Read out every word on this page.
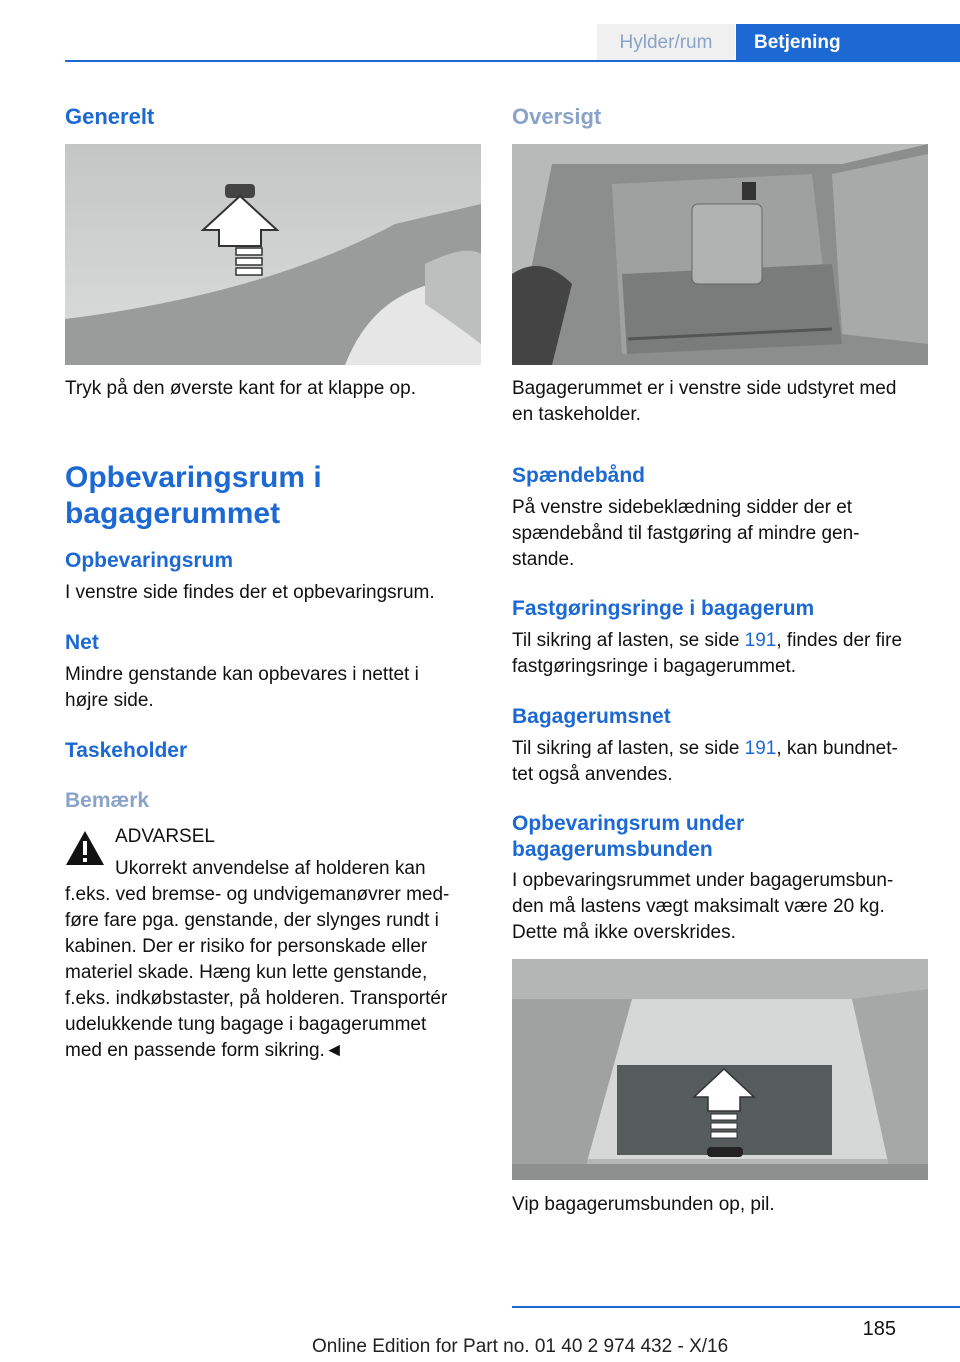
Hylder/rum	Betjening
Generelt

Tryk på den øverste kant for at klappe op.

Opbevaringsrum i
bagagerummet
Opbevaringsrum

I venstre side findes der et opbevaringsrum.

Net

Mindre genstande kan opbevares i nettet i
højre side.

Taskeholder
Bemærk

ADVARSEL

Ukorrekt anvendelse af holderen kan

f.eks. ved bremse- og undvigemanøvrer med-
føre fare pga. genstande, der slynges rundt i
kabinen. Der er risiko for personskade eller
materiel skade. Hæng kun lette genstande,
f.eks. indkøbstaster, på holderen. Transportér
udelukkende tung bagage i bagagerummet
med en passende form sikring.◄
Oversigt

Bagagerummet er i venstre side udstyret med
en taskeholder.

Spændebånd
På venstre sidebeklædning sidder der et
spændebånd til fastgøring af mindre gen-
stande.
Fastgøringsringe i bagagerum
Til sikring af lasten, se side 191, findes der fire
fastgøringsringe i bagagerummet.
Bagagerumsnet
Til sikring af lasten, se side 191, kan bundnet-
tet også anvendes.
Opbevaringsrum under
bagagerumsbunden
I opbevaringsrummet under bagagerumsbun-
den må lastens vægt maksimalt være 20 kg.
Dette må ikke overskrides.

Vip bagagerumsbunden op, pil.

185
Online Edition for Part no. 01 40 2 974 432 - X/16
